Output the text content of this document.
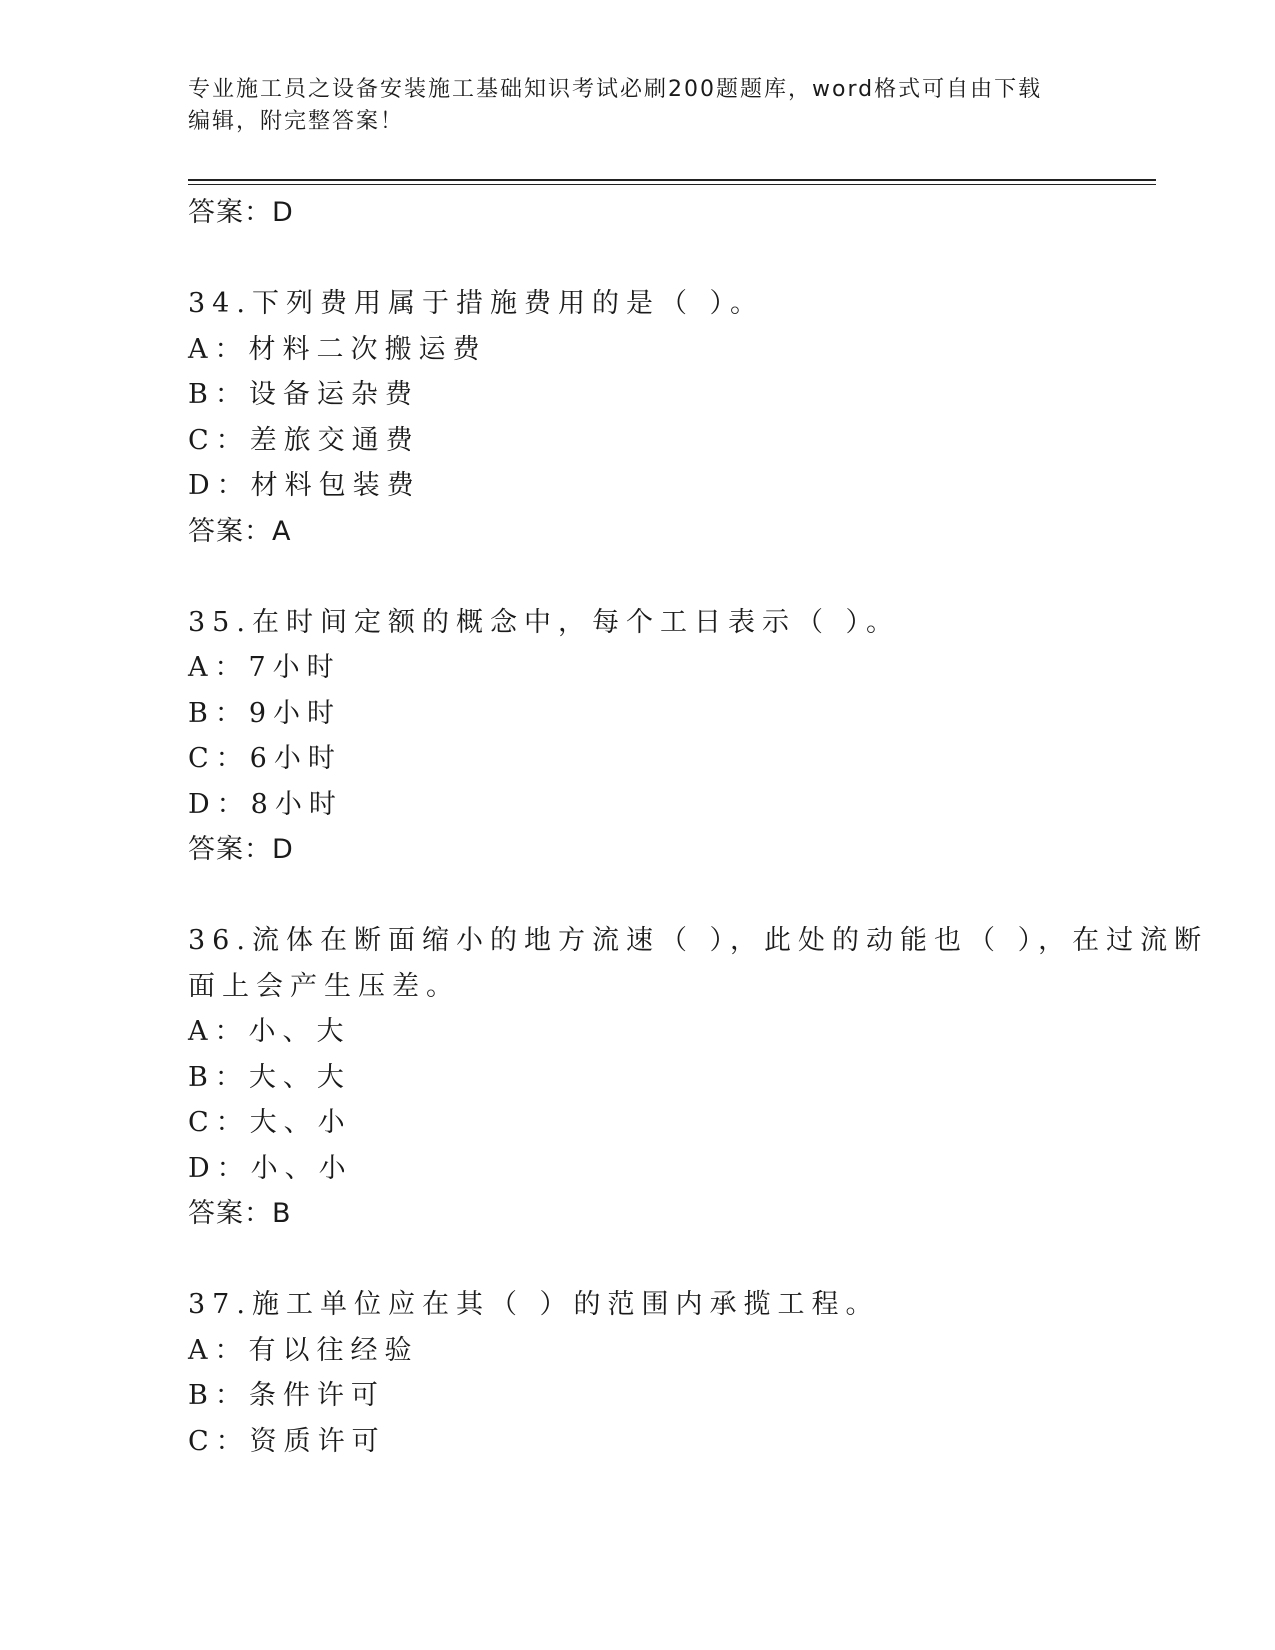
专业施工员之设备安装施工基础知识考试必刷200题题库，word格式可自由下载
编辑，附完整答案！
答案：D
34.下列费用属于措施费用的是（ ）。
A：材料二次搬运费
B：设备运杂费
C：差旅交通费
D：材料包装费
答案：A
35.在时间定额的概念中，每个工日表示（ ）。
A：7小时
B：9小时
C：6小时
D：8小时
答案：D
36.流体在断面缩小的地方流速（ ），此处的动能也（ ），在过流断
面上会产生压差。
A：小、大
B：大、大
C：大、小
D：小、小
答案：B
37.施工单位应在其（ ）的范围内承揽工程。
A：有以往经验
B：条件许可
C：资质许可
